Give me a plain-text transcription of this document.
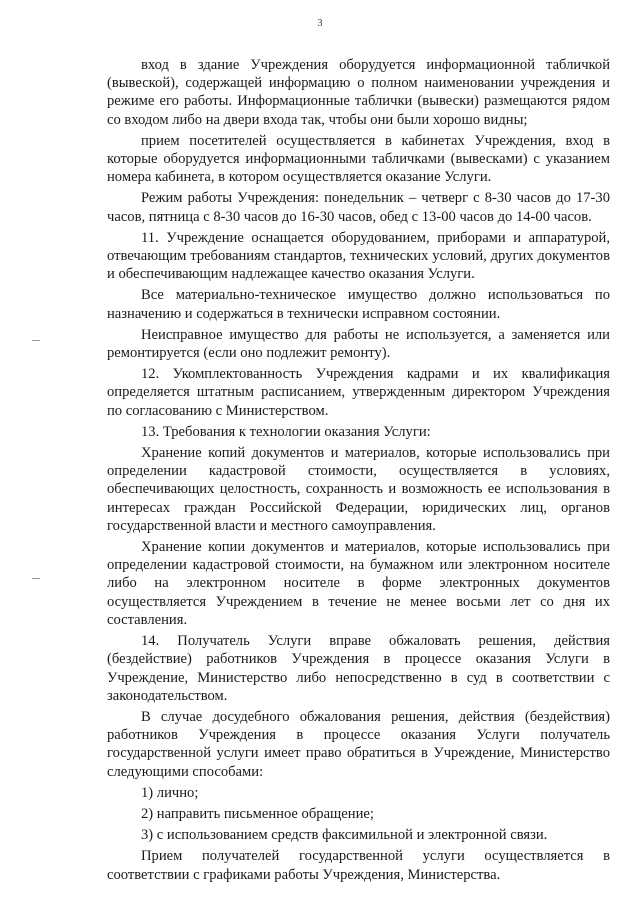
3

вход в здание Учреждения оборудуется информационной табличкой (вывеской), содержащей информацию о полном наименовании учреждения и режиме его работы. Информационные таблички (вывески) размещаются рядом со входом либо на двери входа так, чтобы они были хорошо видны;

прием посетителей осуществляется в кабинетах Учреждения, вход в которые оборудуется информационными табличками (вывесками) с указанием номера кабинета, в котором осуществляется оказание Услуги.

Режим работы Учреждения: понедельник – четверг с 8-30 часов до 17-30 часов, пятница с 8-30 часов до 16-30 часов, обед с 13-00 часов до 14-00 часов.

11. Учреждение оснащается оборудованием, приборами и аппаратурой, отвечающим требованиям стандартов, технических условий, других документов и обеспечивающим надлежащее качество оказания Услуги.

Все материально-техническое имущество должно использоваться по назначению и содержаться в технически исправном состоянии.

Неисправное имущество для работы не используется, а заменяется или ремонтируется (если оно подлежит ремонту).

12. Укомплектованность Учреждения кадрами и их квалификация определяется штатным расписанием, утвержденным директором Учреждения по согласованию с Министерством.

13. Требования к технологии оказания Услуги:

Хранение копий документов и материалов, которые использовались при определении кадастровой стоимости, осуществляется в условиях, обеспечивающих целостность, сохранность и возможность ее использования в интересах граждан Российской Федерации, юридических лиц, органов государственной власти и местного самоуправления.

Хранение копии документов и материалов, которые использовались при определении кадастровой стоимости, на бумажном или электронном носителе либо на электронном носителе в форме электронных документов осуществляется Учреждением в течение не менее восьми лет со дня их составления.

14. Получатель Услуги вправе обжаловать решения, действия (бездействие) работников Учреждения в процессе оказания Услуги в Учреждение, Министерство либо непосредственно в суд в соответствии с законодательством.

В случае досудебного обжалования решения, действия (бездействия) работников Учреждения в процессе оказания Услуги получатель государственной услуги имеет право обратиться в Учреждение, Министерство следующими способами:

1) лично;

2) направить письменное обращение;

3) с использованием средств факсимильной и электронной связи.

Прием получателей государственной услуги осуществляется в соответствии с графиками работы Учреждения, Министерства.
